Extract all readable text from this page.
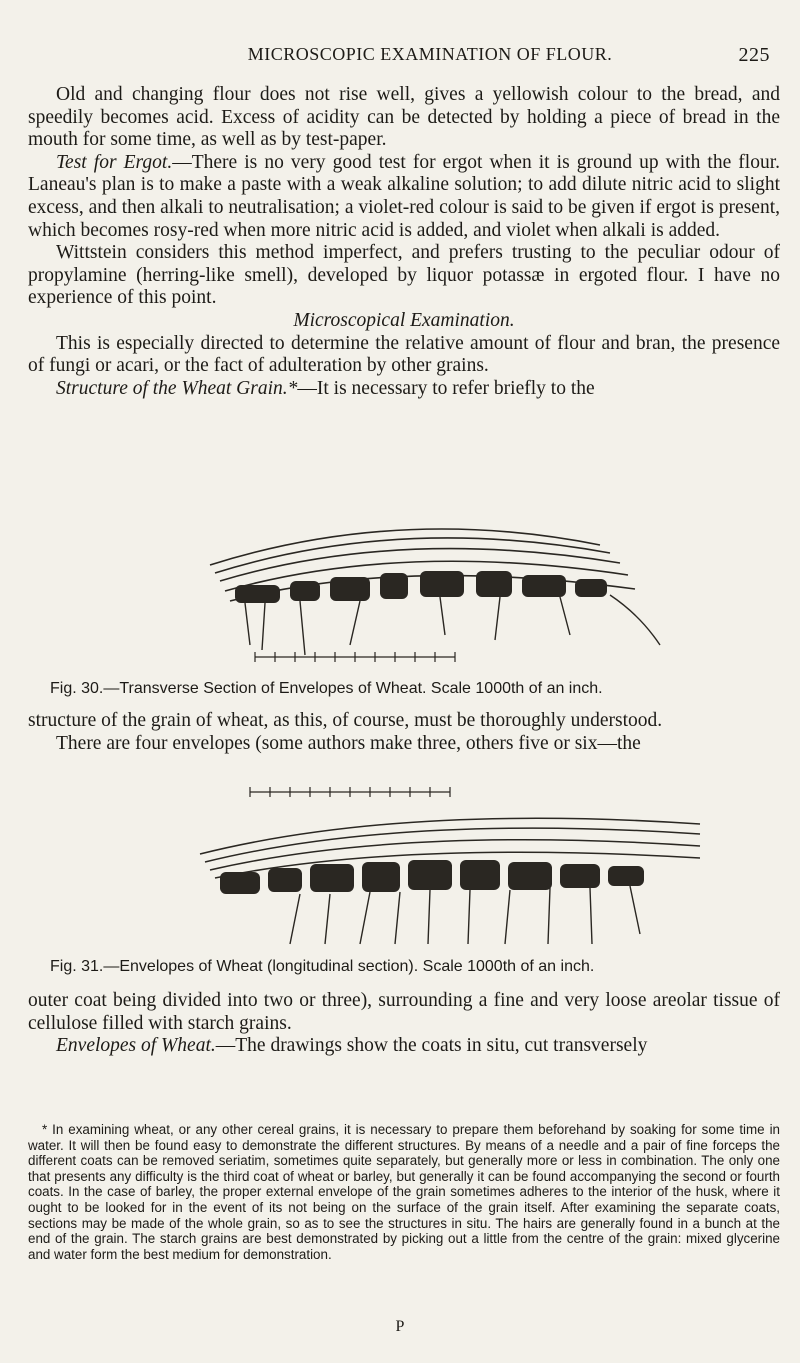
MICROSCOPIC EXAMINATION OF FLOUR.	225

Old and changing flour does not rise well, gives a yellowish colour to the bread, and speedily becomes acid. Excess of acidity can be detected by holding a piece of bread in the mouth for some time, as well as by test-paper.

Test for Ergot.—There is no very good test for ergot when it is ground up with the flour. Laneau's plan is to make a paste with a weak alkaline solution; to add dilute nitric acid to slight excess, and then alkali to neutralisation; a violet-red colour is said to be given if ergot is present, which becomes rosy-red when more nitric acid is added, and violet when alkali is added.

Wittstein considers this method imperfect, and prefers trusting to the peculiar odour of propylamine (herring-like smell), developed by liquor potassæ in ergoted flour. I have no experience of this point.

Microscopical Examination.

This is especially directed to determine the relative amount of flour and bran, the presence of fungi or acari, or the fact of adulteration by other grains.

Structure of the Wheat Grain.*—It is necessary to refer briefly to the

Fig. 30.—Transverse Section of Envelopes of Wheat. Scale 1000th of an inch.

structure of the grain of wheat, as this, of course, must be thoroughly understood.

There are four envelopes (some authors make three, others five or six—the

Fig. 31.—Envelopes of Wheat (longitudinal section). Scale 1000th of an inch.

outer coat being divided into two or three), surrounding a fine and very loose areolar tissue of cellulose filled with starch grains.

Envelopes of Wheat.—The drawings show the coats in situ, cut transversely

* In examining wheat, or any other cereal grains, it is necessary to prepare them beforehand by soaking for some time in water. It will then be found easy to demonstrate the different structures. By means of a needle and a pair of fine forceps the different coats can be removed seriatim, sometimes quite separately, but generally more or less in combination. The only one that presents any difficulty is the third coat of wheat or barley, but generally it can be found accompanying the second or fourth coats. In the case of barley, the proper external envelope of the grain sometimes adheres to the interior of the husk, where it ought to be looked for in the event of its not being on the surface of the grain itself. After examining the separate coats, sections may be made of the whole grain, so as to see the structures in situ. The hairs are generally found in a bunch at the end of the grain. The starch grains are best demonstrated by picking out a little from the centre of the grain: mixed glycerine and water form the best medium for demonstration.

P
